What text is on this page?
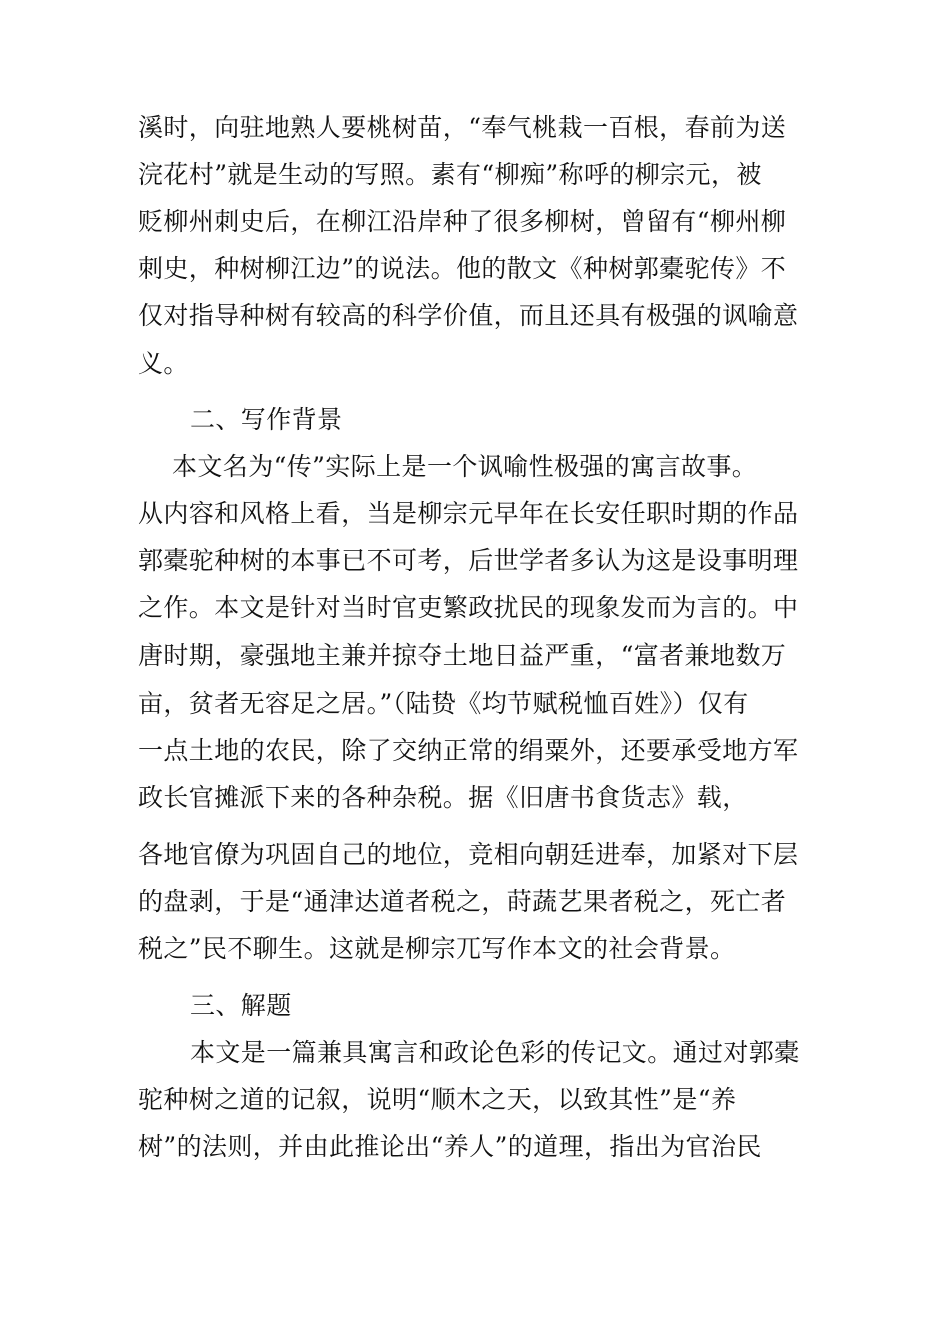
溪时，向驻地熟人要桃树苗，“奉气桃栽一百根，春前为送
浣花村”就是生动的写照。素有“柳痴”称呼的柳宗元，被
贬柳州刺史后，在柳江沿岸种了很多柳树，曾留有“柳州柳
刺史，种树柳江边”的说法。他的散文《种树郭橐驼传》不
仅对指导种树有较高的科学价值，而且还具有极强的讽喻意
义。
二、写作背景
本文名为“传”实际上是一个讽喻性极强的寓言故事。
从内容和风格上看，当是柳宗元早年在长安任职时期的作品
郭橐驼种树的本事已不可考，后世学者多认为这是设事明理
之作。本文是针对当时官吏繁政扰民的现象发而为言的。中
唐时期，豪强地主兼并掠夺土地日益严重，“富者兼地数万
亩，贫者无容足之居。”（陆贽《均节赋税恤百姓》）仅有
一点土地的农民，除了交纳正常的绢粟外，还要承受地方军
政长官摊派下来的各种杂税。据《旧唐书食货志》载，
各地官僚为巩固自己的地位，竞相向朝廷进奉，加紧对下层
的盘剥，于是“通津达道者税之，莳蔬艺果者税之，死亡者
税之”民不聊生。这就是柳宗兀写作本文的社会背景。
三、解题
本文是一篇兼具寓言和政论色彩的传记文。通过对郭橐
驼种树之道的记叙，说明“顺木之天，以致其性”是“养
树”的法则，并由此推论出“养人”的道理，指出为官治民
